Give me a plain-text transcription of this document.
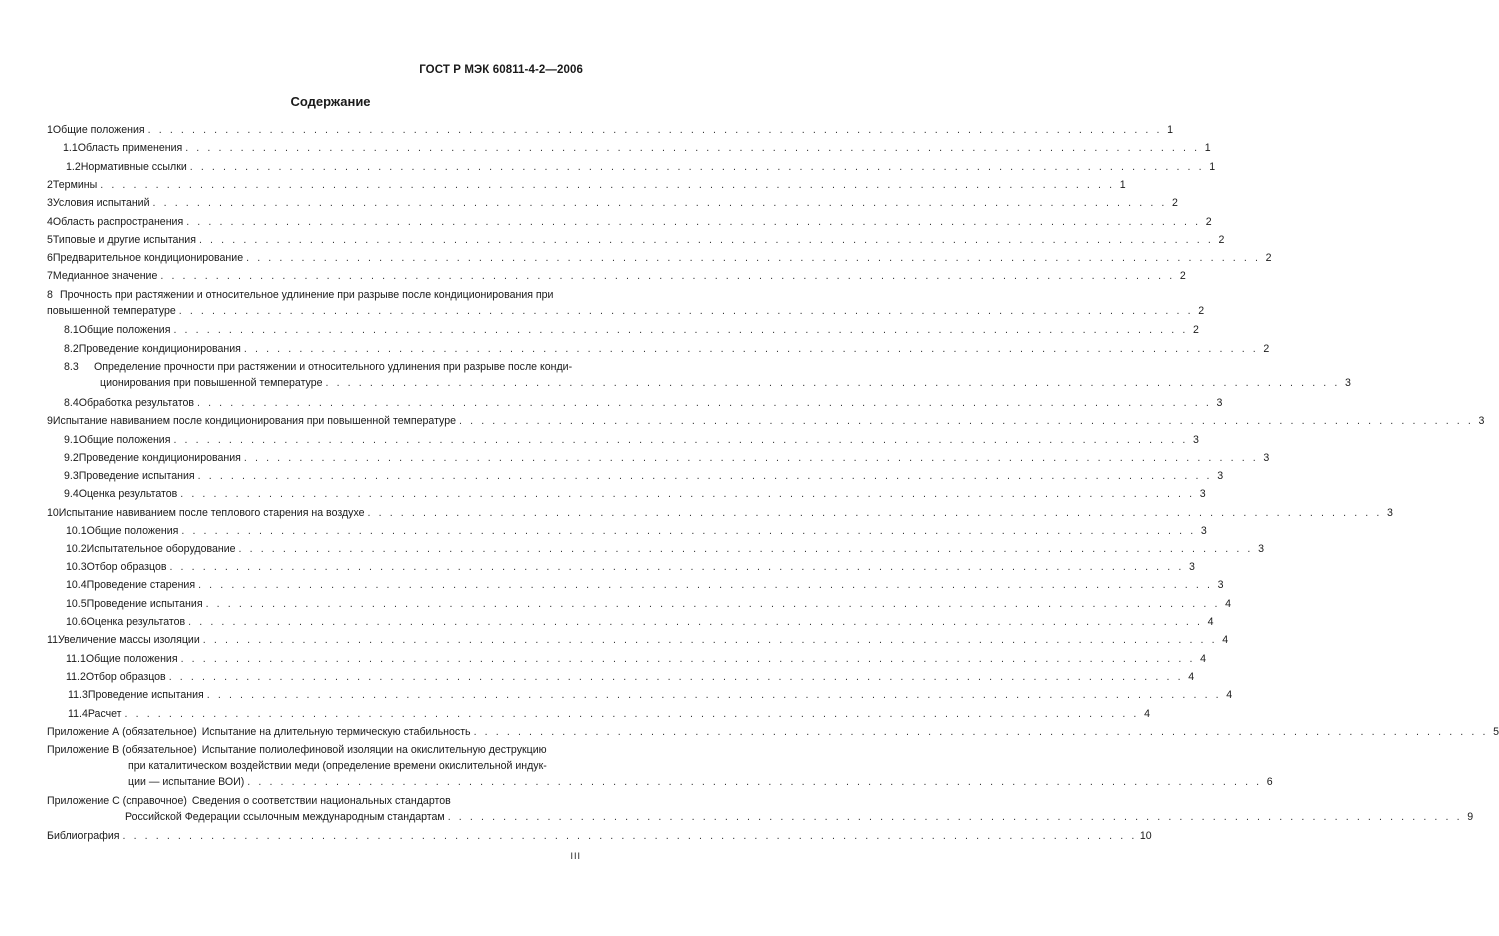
ГОСТ Р МЭК 60811-4-2—2006
Содержание
1 Общие положения . . . . . . . . . . . . . . . . . . . . . . . . . . . . . . . . . . . . . . . . . . . . . . . . . . . . . . . . . . . . . . . . . . . . . . . . . . . . . . . . . . . . . . . . . . . . 1
1.1 Область применения . . . . . . . . . . . . . . . . . . . . . . . . . . . . . . . . . . . . . . . . . . . . . . . . . . . . . . . . . . . . . . . . . . . . . . . . . . . . . . . . . . . . . . . . . . . . 1
1.2 Нормативные ссылки . . . . . . . . . . . . . . . . . . . . . . . . . . . . . . . . . . . . . . . . . . . . . . . . . . . . . . . . . . . . . . . . . . . . . . . . . . . . . . . . . . . . . . . . . . . . 1
2 Термины . . . . . . . . . . . . . . . . . . . . . . . . . . . . . . . . . . . . . . . . . . . . . . . . . . . . . . . . . . . . . . . . . . . . . . . . . . . . . . . . . . . . . . . . . . . . 1
3 Условия испытаний . . . . . . . . . . . . . . . . . . . . . . . . . . . . . . . . . . . . . . . . . . . . . . . . . . . . . . . . . . . . . . . . . . . . . . . . . . . . . . . . . . . . . . . . . . . . 2
4 Область распространения . . . . . . . . . . . . . . . . . . . . . . . . . . . . . . . . . . . . . . . . . . . . . . . . . . . . . . . . . . . . . . . . . . . . . . . . . . . . . . . . . . . . . . . . . . . . 2
5 Типовые и другие испытания . . . . . . . . . . . . . . . . . . . . . . . . . . . . . . . . . . . . . . . . . . . . . . . . . . . . . . . . . . . . . . . . . . . . . . . . . . . . . . . . . . . . . . . . . . . . 2
6 Предварительное кондиционирование . . . . . . . . . . . . . . . . . . . . . . . . . . . . . . . . . . . . . . . . . . . . . . . . . . . . . . . . . . . . . . . . . . . . . . . . . . . . . . . . . . . . . . . . . . . . 2
7 Медианное значение . . . . . . . . . . . . . . . . . . . . . . . . . . . . . . . . . . . . . . . . . . . . . . . . . . . . . . . . . . . . . . . . . . . . . . . . . . . . . . . . . . . . . . . . . . . . 2
8 Прочность при растяжении и относительное удлинение при разрыве после кондиционирования при
повышенной температуре . . . . . . . . . . . . . . . . . . . . . . . . . . . . . . . . . . . . . . . . . . . . . . . . . . . . . . . . . . . . . . . . . . . . . . . . . . . . . . . . . . . . . . . . . . . . 2
8.1 Общие положения . . . . . . . . . . . . . . . . . . . . . . . . . . . . . . . . . . . . . . . . . . . . . . . . . . . . . . . . . . . . . . . . . . . . . . . . . . . . . . . . . . . . . . . . . . . . 2
8.2 Проведение кондиционирования . . . . . . . . . . . . . . . . . . . . . . . . . . . . . . . . . . . . . . . . . . . . . . . . . . . . . . . . . . . . . . . . . . . . . . . . . . . . . . . . . . . . . . . . . . . . 2
8.3 Определение прочности при растяжении и относительного удлинения при разрыве после конди-
ционирования при повышенной температуре . . . . . . . . . . . . . . . . . . . . . . . . . . . . . . . . . . . . . . . . . . . . . . . . . . . . . . . . . . . . . . . . . . . . . . . . . . . . . . . . . . . . . . . . . . . . 3
8.4 Обработка результатов . . . . . . . . . . . . . . . . . . . . . . . . . . . . . . . . . . . . . . . . . . . . . . . . . . . . . . . . . . . . . . . . . . . . . . . . . . . . . . . . . . . . . . . . . . . . 3
9 Испытание навиванием после кондиционирования при повышенной температуре . . . . . . . . . . . . . . . . . . . . . . . . . . . . . . . . . . . . . . . . . . . . . . . . . . . . . . . . . . . . . . . . . . . . . . . . . . . . . . . . . . . . . . . . . . . . 3
9.1 Общие положения . . . . . . . . . . . . . . . . . . . . . . . . . . . . . . . . . . . . . . . . . . . . . . . . . . . . . . . . . . . . . . . . . . . . . . . . . . . . . . . . . . . . . . . . . . . . 3
9.2 Проведение кондиционирования . . . . . . . . . . . . . . . . . . . . . . . . . . . . . . . . . . . . . . . . . . . . . . . . . . . . . . . . . . . . . . . . . . . . . . . . . . . . . . . . . . . . . . . . . . . . 3
9.3 Проведение испытания . . . . . . . . . . . . . . . . . . . . . . . . . . . . . . . . . . . . . . . . . . . . . . . . . . . . . . . . . . . . . . . . . . . . . . . . . . . . . . . . . . . . . . . . . . . . 3
9.4 Оценка результатов . . . . . . . . . . . . . . . . . . . . . . . . . . . . . . . . . . . . . . . . . . . . . . . . . . . . . . . . . . . . . . . . . . . . . . . . . . . . . . . . . . . . . . . . . . . . 3
10 Испытание навиванием после теплового старения на воздухе . . . . . . . . . . . . . . . . . . . . . . . . . . . . . . . . . . . . . . . . . . . . . . . . . . . . . . . . . . . . . . . . . . . . . . . . . . . . . . . . . . . . . . . . . . . . 3
10.1 Общие положения . . . . . . . . . . . . . . . . . . . . . . . . . . . . . . . . . . . . . . . . . . . . . . . . . . . . . . . . . . . . . . . . . . . . . . . . . . . . . . . . . . . . . . . . . . . . 3
10.2 Испытательное оборудование . . . . . . . . . . . . . . . . . . . . . . . . . . . . . . . . . . . . . . . . . . . . . . . . . . . . . . . . . . . . . . . . . . . . . . . . . . . . . . . . . . . . . . . . . . . . 3
10.3 Отбор образцов . . . . . . . . . . . . . . . . . . . . . . . . . . . . . . . . . . . . . . . . . . . . . . . . . . . . . . . . . . . . . . . . . . . . . . . . . . . . . . . . . . . . . . . . . . . . 3
10.4 Проведение старения . . . . . . . . . . . . . . . . . . . . . . . . . . . . . . . . . . . . . . . . . . . . . . . . . . . . . . . . . . . . . . . . . . . . . . . . . . . . . . . . . . . . . . . . . . . . 3
10.5 Проведение испытания . . . . . . . . . . . . . . . . . . . . . . . . . . . . . . . . . . . . . . . . . . . . . . . . . . . . . . . . . . . . . . . . . . . . . . . . . . . . . . . . . . . . . . . . . . . . 4
10.6 Оценка результатов . . . . . . . . . . . . . . . . . . . . . . . . . . . . . . . . . . . . . . . . . . . . . . . . . . . . . . . . . . . . . . . . . . . . . . . . . . . . . . . . . . . . . . . . . . . . 4
11 Увеличение массы изоляции . . . . . . . . . . . . . . . . . . . . . . . . . . . . . . . . . . . . . . . . . . . . . . . . . . . . . . . . . . . . . . . . . . . . . . . . . . . . . . . . . . . . . . . . . . . . 4
11.1 Общие положения . . . . . . . . . . . . . . . . . . . . . . . . . . . . . . . . . . . . . . . . . . . . . . . . . . . . . . . . . . . . . . . . . . . . . . . . . . . . . . . . . . . . . . . . . . . . 4
11.2 Отбор образцов . . . . . . . . . . . . . . . . . . . . . . . . . . . . . . . . . . . . . . . . . . . . . . . . . . . . . . . . . . . . . . . . . . . . . . . . . . . . . . . . . . . . . . . . . . . . 4
11.3 Проведение испытания . . . . . . . . . . . . . . . . . . . . . . . . . . . . . . . . . . . . . . . . . . . . . . . . . . . . . . . . . . . . . . . . . . . . . . . . . . . . . . . . . . . . . . . . . . . . 4
11.4 Расчет . . . . . . . . . . . . . . . . . . . . . . . . . . . . . . . . . . . . . . . . . . . . . . . . . . . . . . . . . . . . . . . . . . . . . . . . . . . . . . . . . . . . . . . . . . . . 4
Приложение А (обязательное) Испытание на длительную термическую стабильность . . . . . . . . . . . . . . . . . . . . . . . . . . . . . . . . . . . . . . . . . . . . . . . . . . . . . . . . . . . . . . . . . . . . . . . . . . . . . . . . . . . . . . . . . . . . 5
Приложение В (обязательное) Испытание полиолефиновой изоляции на окислительную деструкцию
при каталитическом воздействии меди (определение времени окислительной индук-
ции — испытание ВОИ) . . . . . . . . . . . . . . . . . . . . . . . . . . . . . . . . . . . . . . . . . . . . . . . . . . . . . . . . . . . . . . . . . . . . . . . . . . . . . . . . . . . . . . . . . . . . 6
Приложение С (справочное) Сведения о соответствии национальных стандартов
Российской Федерации ссылочным международным стандартам . . . . . . . . . . . . . . . . . . . . . . . . . . . . . . . . . . . . . . . . . . . . . . . . . . . . . . . . . . . . . . . . . . . . . . . . . . . . . . . . . . . . . . . . . . . . 9
Библиография . . . . . . . . . . . . . . . . . . . . . . . . . . . . . . . . . . . . . . . . . . . . . . . . . . . . . . . . . . . . . . . . . . . . . . . . . . . . . . . . . . . . . . . . . . . . 10
III
